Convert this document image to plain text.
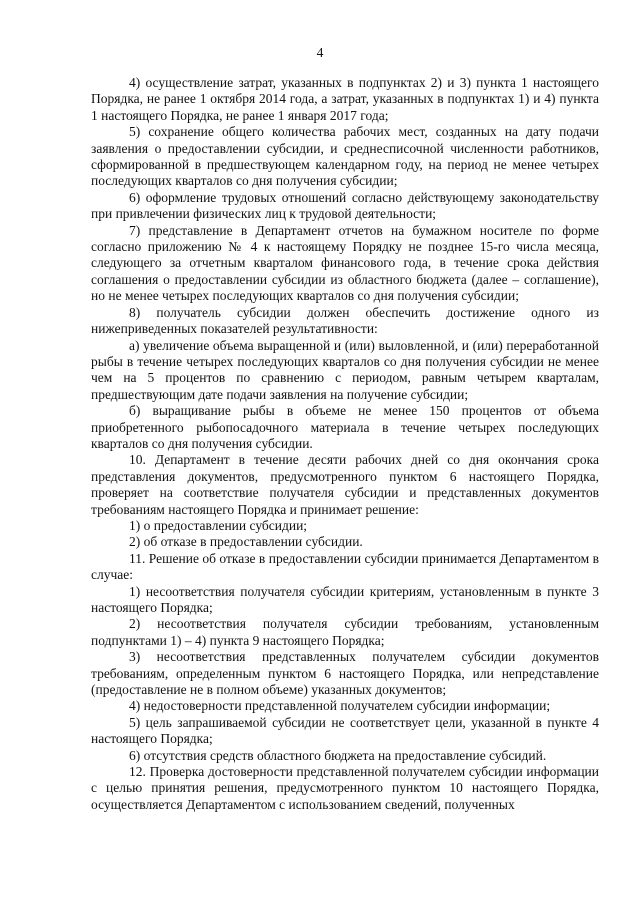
4

4) осуществление затрат, указанных в подпунктах 2) и 3) пункта 1 настоящего Порядка, не ранее 1 октября 2014 года, а затрат, указанных в подпунктах 1) и 4) пункта 1 настоящего Порядка, не ранее 1 января 2017 года;

5) сохранение общего количества рабочих мест, созданных на дату подачи заявления о предоставлении субсидии, и среднесписочной численности работников, сформированной в предшествующем календарном году, на период не менее четырех последующих кварталов со дня получения субсидии;

6) оформление трудовых отношений согласно действующему законодательству при привлечении физических лиц к трудовой деятельности;

7) представление в Департамент отчетов на бумажном носителе по форме согласно приложению № 4 к настоящему Порядку не позднее 15-го числа месяца, следующего за отчетным кварталом финансового года, в течение срока действия соглашения о предоставлении субсидии из областного бюджета (далее – соглашение), но не менее четырех последующих кварталов со дня получения субсидии;

8) получатель субсидии должен обеспечить достижение одного из нижеприведенных показателей результативности:

а) увеличение объема выращенной и (или) выловленной, и (или) переработанной рыбы в течение четырех последующих кварталов со дня получения субсидии не менее чем на 5 процентов по сравнению с периодом, равным четырем кварталам, предшествующим дате подачи заявления на получение субсидии;

б) выращивание рыбы в объеме не менее 150 процентов от объема приобретенного рыбопосадочного материала в течение четырех последующих кварталов со дня получения субсидии.

10. Департамент в течение десяти рабочих дней со дня окончания срока представления документов, предусмотренного пунктом 6 настоящего Порядка, проверяет на соответствие получателя субсидии и представленных документов требованиям настоящего Порядка и принимает решение:

1) о предоставлении субсидии;

2) об отказе в предоставлении субсидии.

11. Решение об отказе в предоставлении субсидии принимается Департаментом в случае:

1) несоответствия получателя субсидии критериям, установленным в пункте 3 настоящего Порядка;

2) несоответствия получателя субсидии требованиям, установленным подпунктами 1) – 4) пункта 9 настоящего Порядка;

3) несоответствия представленных получателем субсидии документов требованиям, определенным пунктом 6 настоящего Порядка, или непредставление (предоставление не в полном объеме) указанных документов;

4) недостоверности представленной получателем субсидии информации;

5) цель запрашиваемой субсидии не соответствует цели, указанной в пункте 4 настоящего Порядка;

6) отсутствия средств областного бюджета на предоставление субсидий.

12. Проверка достоверности представленной получателем субсидии информации с целью принятия решения, предусмотренного пунктом 10 настоящего Порядка, осуществляется Департаментом с использованием сведений, полученных
